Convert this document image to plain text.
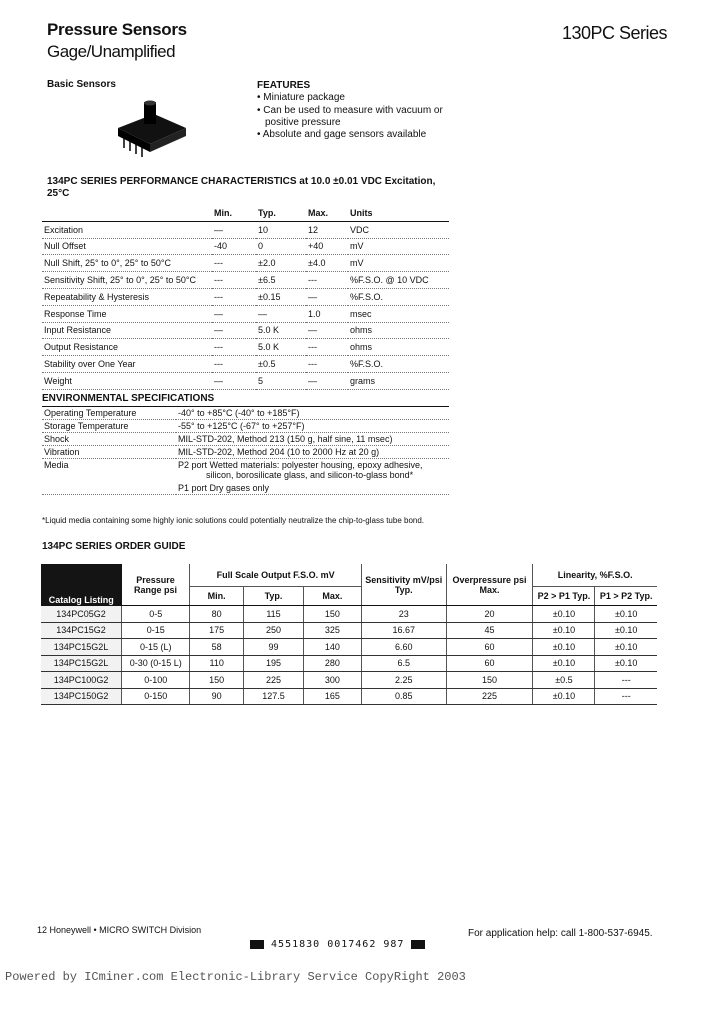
Pressure Sensors
Gage/Unamplified
130PC Series
Basic Sensors	FEATURES
• Miniature package
• Can be used to measure with vacuum or positive pressure
• Absolute and gage sensors available
134PC SERIES PERFORMANCE CHARACTERISTICS at 10.0 ±0.01 VDC Excitation, 25°C
	Min.	Typ.	Max.	Units
Excitation	—	10	12	VDC
Null Offset	-40	0	+40	mV
Null Shift, 25° to 0°, 25° to 50°C	---	±2.0	±4.0	mV
Sensitivity Shift, 25° to 0°, 25° to 50°C	---	±6.5	---	%F.S.O. @ 10 VDC
Repeatability & Hysteresis	---	±0.15	—	%F.S.O.
Response Time	—	—	1.0	msec
Input Resistance	—	5.0 K	—	ohms
Output Resistance	---	5.0 K	---	ohms
Stability over One Year	---	±0.5	---	%F.S.O.
Weight	—	5	—	grams
ENVIRONMENTAL SPECIFICATIONS
Operating Temperature	-40° to +85°C (-40° to +185°F)
Storage Temperature	-55° to +125°C (-67° to +257°F)
Shock	MIL-STD-202, Method 213 (150 g, half sine, 11 msec)
Vibration	MIL-STD-202, Method 204 (10 to 2000 Hz at 20 g)
Media	P2 port Wetted materials: polyester housing, epoxy adhesive, silicon, borosilicate glass, and silicon-to-glass bond*
P1 port Dry gases only
*Liquid media containing some highly ionic solutions could potentially neutralize the chip-to-glass tube bond.
134PC SERIES ORDER GUIDE
Catalog Listing	Pressure Range psi	Full Scale Output F.S.O. mV			Sensitivity mV/psi Typ.	Overpressure psi Max.	Linearity, %F.S.O.	
		Min.	Typ.	Max.			P2 > P1 Typ.	P1 > P2 Typ.
134PC05G2	0-5	80	115	150	23	20	±0.10	±0.10
134PC15G2	0-15	175	250	325	16.67	45	±0.10	±0.10
134PC15G2L	0-15 (L)	58	99	140	6.60	60	±0.10	±0.10
134PC15G2L	0-30 (0-15 L)	110	195	280	6.5	60	±0.10	±0.10
134PC100G2	0-100	150	225	300	2.25	150	±0.5	---
134PC150G2	0-150	90	127.5	165	0.85	225	±0.10	---
12 Honeywell • MICRO SWITCH Division	For application help: call 1-800-537-6945.
4551830 0017462 987
Powered by ICminer.com Electronic-Library Service CopyRight 2003
